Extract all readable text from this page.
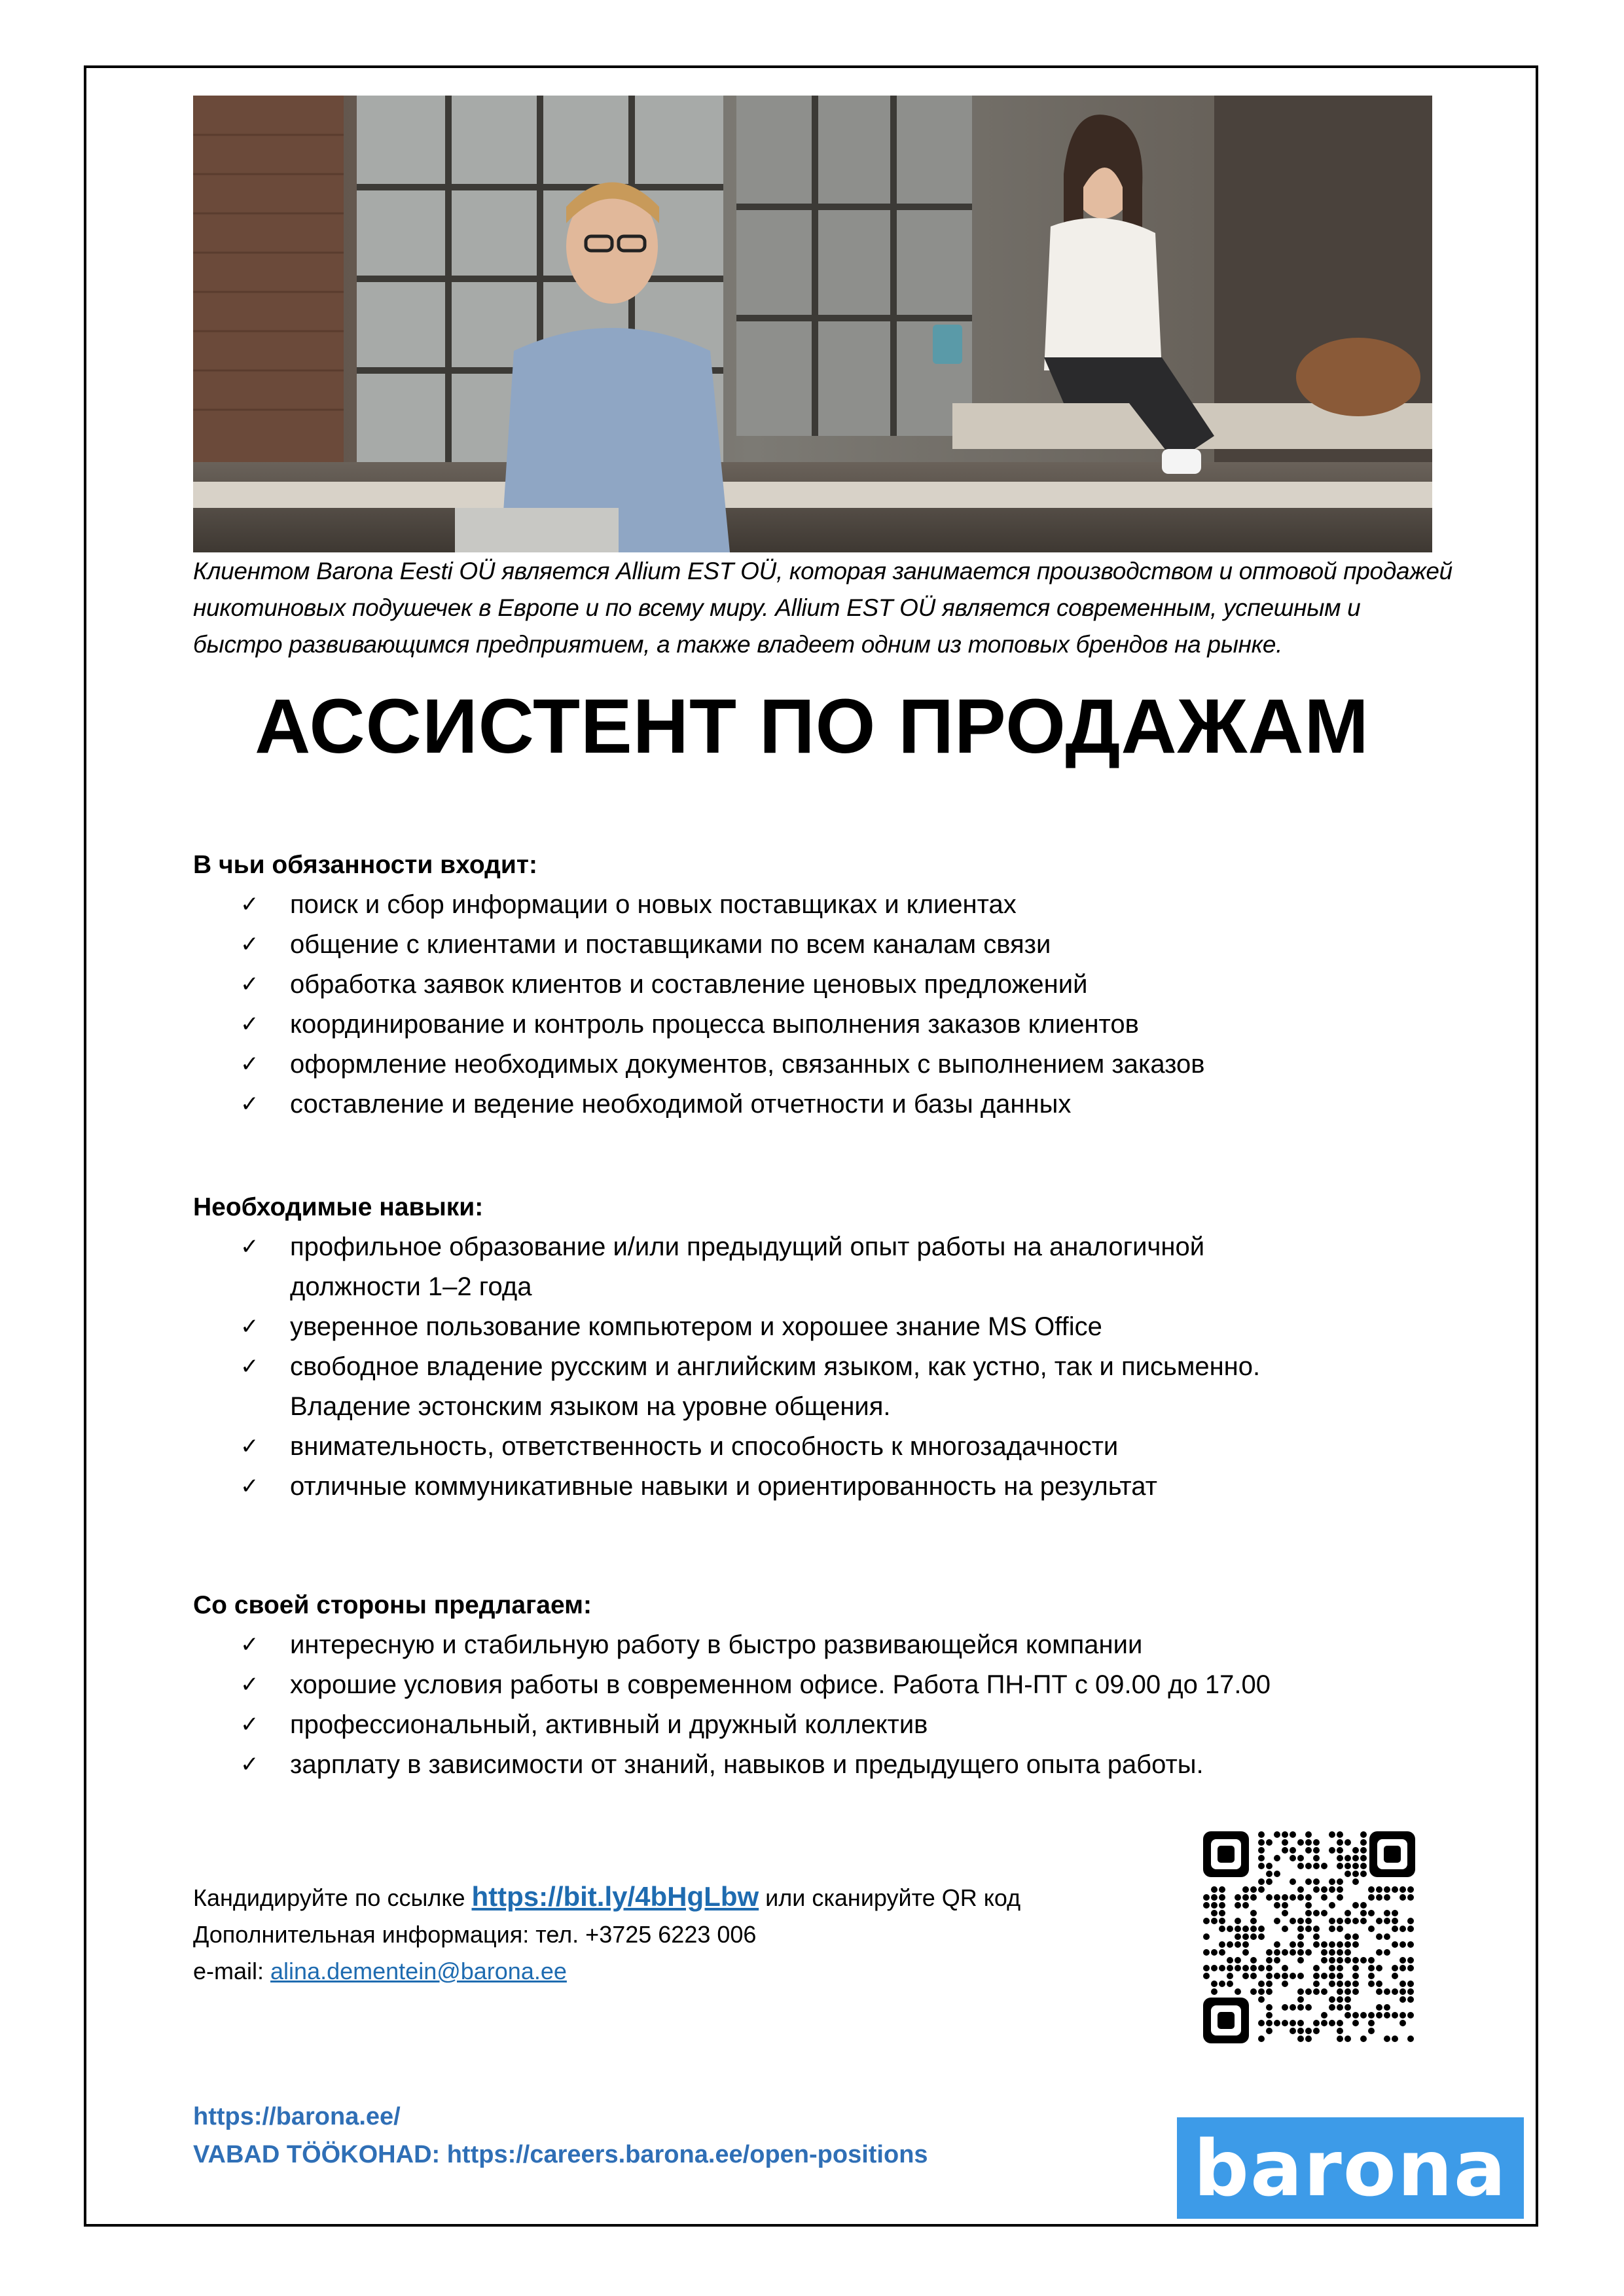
Клиентом Barona Eesti OÜ является Allium EST OÜ, которая занимается производством и оптовой продажей

никотиновых подушечек в Европе и по всему миру. Allium EST OÜ является современным, успешным и

быстро развивающимся предприятием, а также владеет одним из топовых брендов на рынке.

АССИСТЕНТ ПО ПРОДАЖАМ
В чьи обязанности входит:
✓ поиск и сбор информации о новых поставщиках и клиентах
✓ общение с клиентами и поставщиками по всем каналам связи
✓ обработка заявок клиентов и составление ценовых предложений
✓ координирование и контроль процесса выполнения заказов клиентов
✓ оформление необходимых документов, связанных с выполнением заказов
✓ составление и ведение необходимой отчетности и базы данных
Необходимые навыки:
✓ профильное образование и/или предыдущий опыт работы на аналогичной
должности 1–2 года
✓ уверенное пользование компьютером и хорошее знание MS Office
✓ свободное владение русским и английским языком, как устно, так и письменно.
Владение эстонским языком на уровне общения.
✓ внимательность, ответственность и способность к многозадачности
✓ отличные коммуникативные навыки и ориентированность на результат
Со своей стороны предлагаем:
✓ интересную и стабильную работу в быстро развивающейся компании
✓ хорошие условия работы в современном офисе. Работа ПН-ПТ с 09.00 до 17.00
✓ профессиональный, активный и дружный коллектив
✓ зарплату в зависимости от знаний, навыков и предыдущего опыта работы.

Кандидируйте по ссылке https://bit.ly/4bHgLbw или сканируйте QR код

Дополнительная информация: тел. +3725 6223 006

e-mail: alina.dementein@barona.ee

https://barona.ee/

VABAD TÖÖKOHAD: https://careers.barona.ee/open-positions	barona
